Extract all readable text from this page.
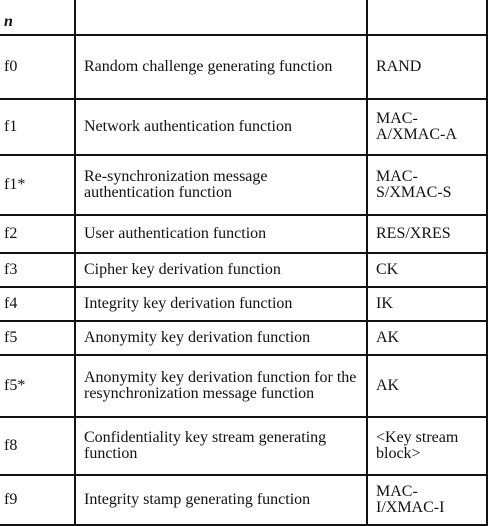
n		
f0	Random challenge generating function	RAND
f1	Network authentication function	MAC-A/XMAC-A
f1*	Re-synchronization message authentication function	MAC-S/XMAC-S
f2	User authentication function	RES/XRES
f3	Cipher key derivation function	CK
f4	Integrity key derivation function	IK
f5	Anonymity key derivation function	AK
f5*	Anonymity key derivation function for the resynchronization message function	AK
f8	Confidentiality key stream generating function	<Key stream block>
f9	Integrity stamp generating function	MAC-I/XMAC-I
